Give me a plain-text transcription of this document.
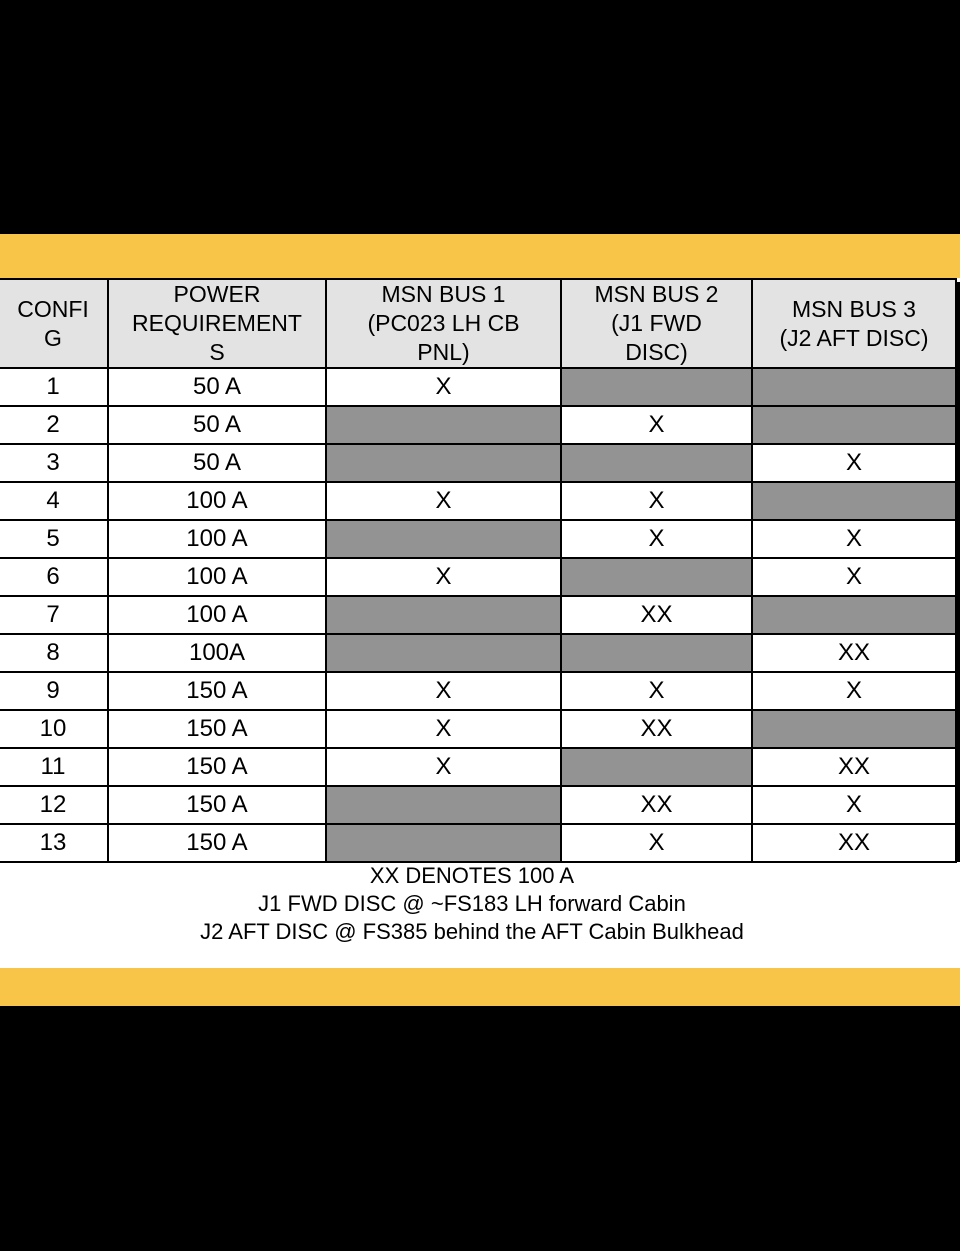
CONFI
G	POWER
REQUIREMENT
S	MSN BUS 1
(PC023 LH CB
PNL)	MSN BUS 2
(J1 FWD
DISC)	MSN BUS 3
(J2 AFT DISC)
1	50 A	X		
2	50 A		X	
3	50 A			X
4	100 A	X	X	
5	100 A		X	X
6	100 A	X		X
7	100 A		XX	
8	100A			XX
9	150 A	X	X	X
10	150 A	X	XX	
11	150 A	X		XX
12	150 A		XX	X
13	150 A		X	XX
XX DENOTES 100 A
J1 FWD DISC @ ~FS183 LH forward Cabin
J2 AFT DISC @ FS385 behind the AFT Cabin Bulkhead
